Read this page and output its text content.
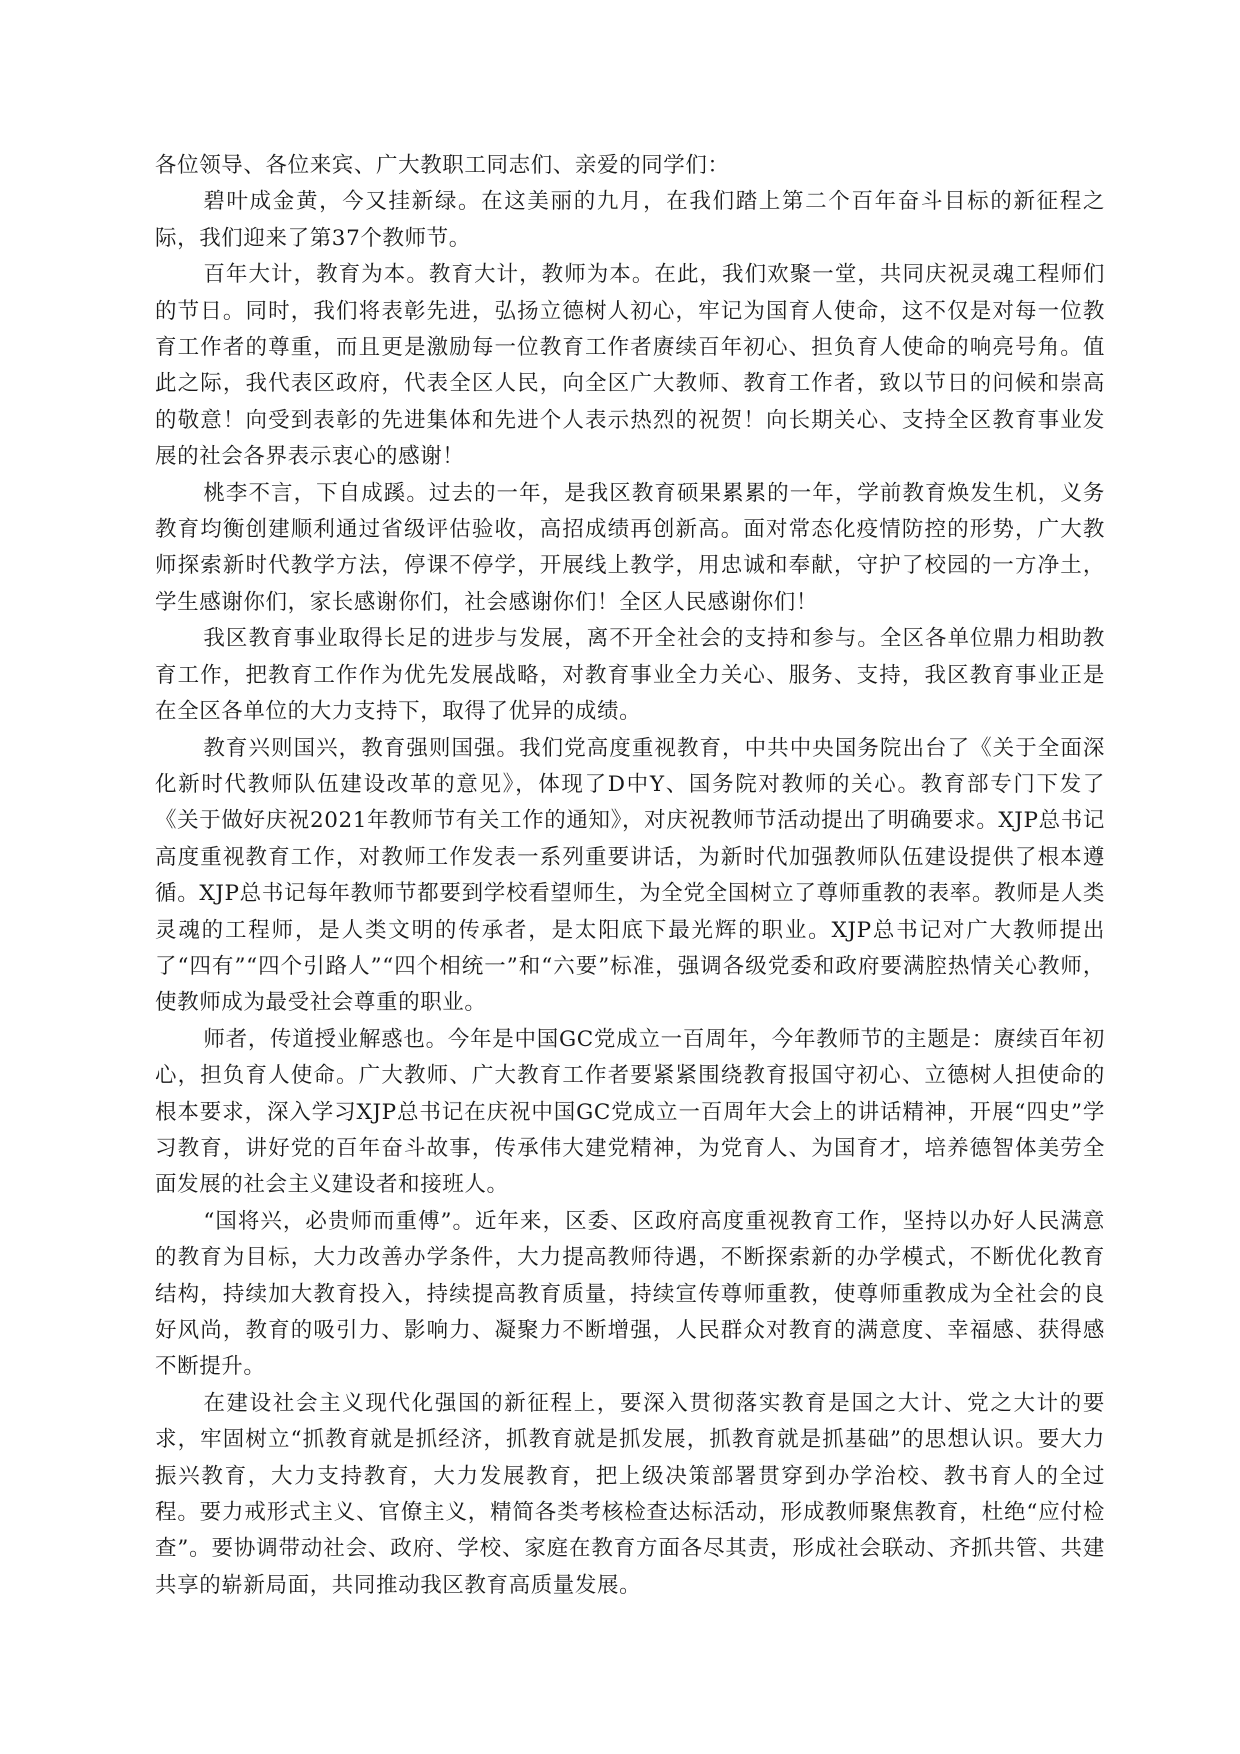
各位领导、各位来宾、广大教职工同志们、亲爱的同学们：

碧叶成金黄，今又挂新绿。在这美丽的九月，在我们踏上第二个百年奋斗目标的新征程之际，我们迎来了第37个教师节。

百年大计，教育为本。教育大计，教师为本。在此，我们欢聚一堂，共同庆祝灵魂工程师们的节日。同时，我们将表彰先进，弘扬立德树人初心，牢记为国育人使命，这不仅是对每一位教育工作者的尊重，而且更是激励每一位教育工作者赓续百年初心、担负育人使命的响亮号角。值此之际，我代表区政府，代表全区人民，向全区广大教师、教育工作者，致以节日的问候和崇高的敬意！向受到表彰的先进集体和先进个人表示热烈的祝贺！向长期关心、支持全区教育事业发展的社会各界表示衷心的感谢！

桃李不言，下自成蹊。过去的一年，是我区教育硕果累累的一年，学前教育焕发生机，义务教育均衡创建顺利通过省级评估验收，高招成绩再创新高。面对常态化疫情防控的形势，广大教师探索新时代教学方法，停课不停学，开展线上教学，用忠诚和奉献，守护了校园的一方净土，学生感谢你们，家长感谢你们，社会感谢你们！全区人民感谢你们！

我区教育事业取得长足的进步与发展，离不开全社会的支持和参与。全区各单位鼎力相助教育工作，把教育工作作为优先发展战略，对教育事业全力关心、服务、支持，我区教育事业正是在全区各单位的大力支持下，取得了优异的成绩。

教育兴则国兴，教育强则国强。我们党高度重视教育，中共中央国务院出台了《关于全面深化新时代教师队伍建设改革的意见》，体现了D中Y、国务院对教师的关心。教育部专门下发了《关于做好庆祝2021年教师节有关工作的通知》，对庆祝教师节活动提出了明确要求。XJP总书记高度重视教育工作，对教师工作发表一系列重要讲话，为新时代加强教师队伍建设提供了根本遵循。XJP总书记每年教师节都要到学校看望师生，为全党全国树立了尊师重教的表率。教师是人类灵魂的工程师，是人类文明的传承者，是太阳底下最光辉的职业。XJP总书记对广大教师提出了“四有”“四个引路人”“四个相统一”和“六要”标准，强调各级党委和政府要满腔热情关心教师，使教师成为最受社会尊重的职业。

师者，传道授业解惑也。今年是中国GC党成立一百周年，今年教师节的主题是：赓续百年初心，担负育人使命。广大教师、广大教育工作者要紧紧围绕教育报国守初心、立德树人担使命的根本要求，深入学习XJP总书记在庆祝中国GC党成立一百周年大会上的讲话精神，开展“四史”学习教育，讲好党的百年奋斗故事，传承伟大建党精神，为党育人、为国育才，培养德智体美劳全面发展的社会主义建设者和接班人。

“国将兴，必贵师而重傅”。近年来，区委、区政府高度重视教育工作，坚持以办好人民满意的教育为目标，大力改善办学条件，大力提高教师待遇，不断探索新的办学模式，不断优化教育结构，持续加大教育投入，持续提高教育质量，持续宣传尊师重教，使尊师重教成为全社会的良好风尚，教育的吸引力、影响力、凝聚力不断增强，人民群众对教育的满意度、幸福感、获得感不断提升。

在建设社会主义现代化强国的新征程上，要深入贯彻落实教育是国之大计、党之大计的要求，牢固树立“抓教育就是抓经济，抓教育就是抓发展，抓教育就是抓基础”的思想认识。要大力振兴教育，大力支持教育，大力发展教育，把上级决策部署贯穿到办学治校、教书育人的全过程。要力戒形式主义、官僚主义，精简各类考核检查达标活动，形成教师聚焦教育，杜绝“应付检查”。要协调带动社会、政府、学校、家庭在教育方面各尽其责，形成社会联动、齐抓共管、共建共享的崭新局面，共同推动我区教育高质量发展。
